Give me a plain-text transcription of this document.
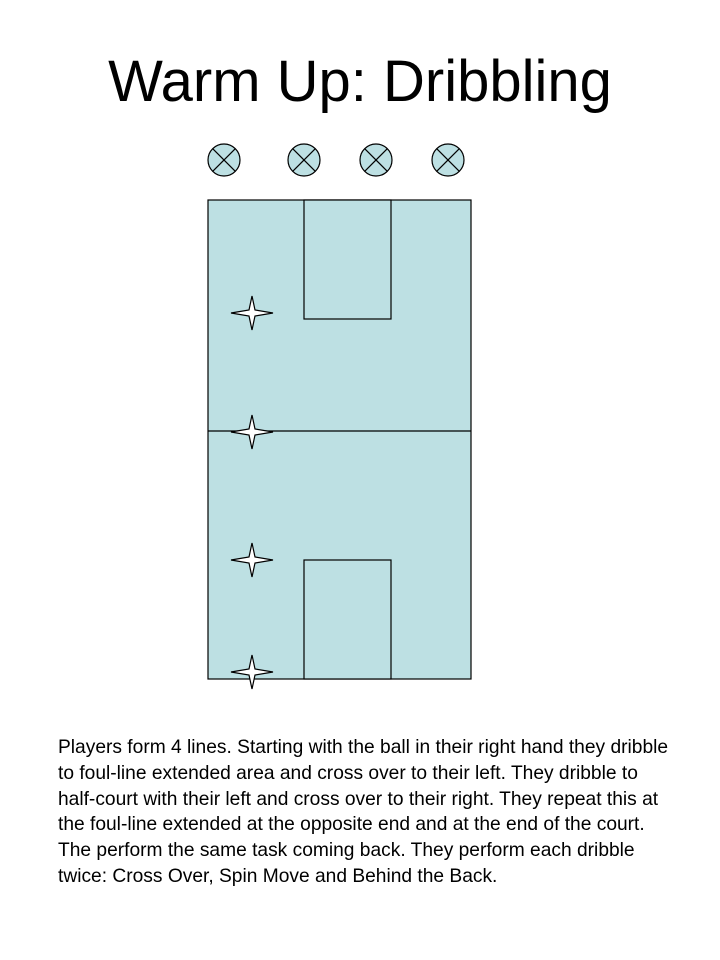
Warm Up: Dribbling

Players form 4 lines. Starting with the ball in their right hand they dribble to foul-line extended area and cross over to their left. They dribble to half-court with their left and cross over to their right. They repeat this at the foul-line extended at the opposite end and at the end of the court. The perform the same task coming back. They perform each dribble twice: Cross Over, Spin Move and Behind the Back.
